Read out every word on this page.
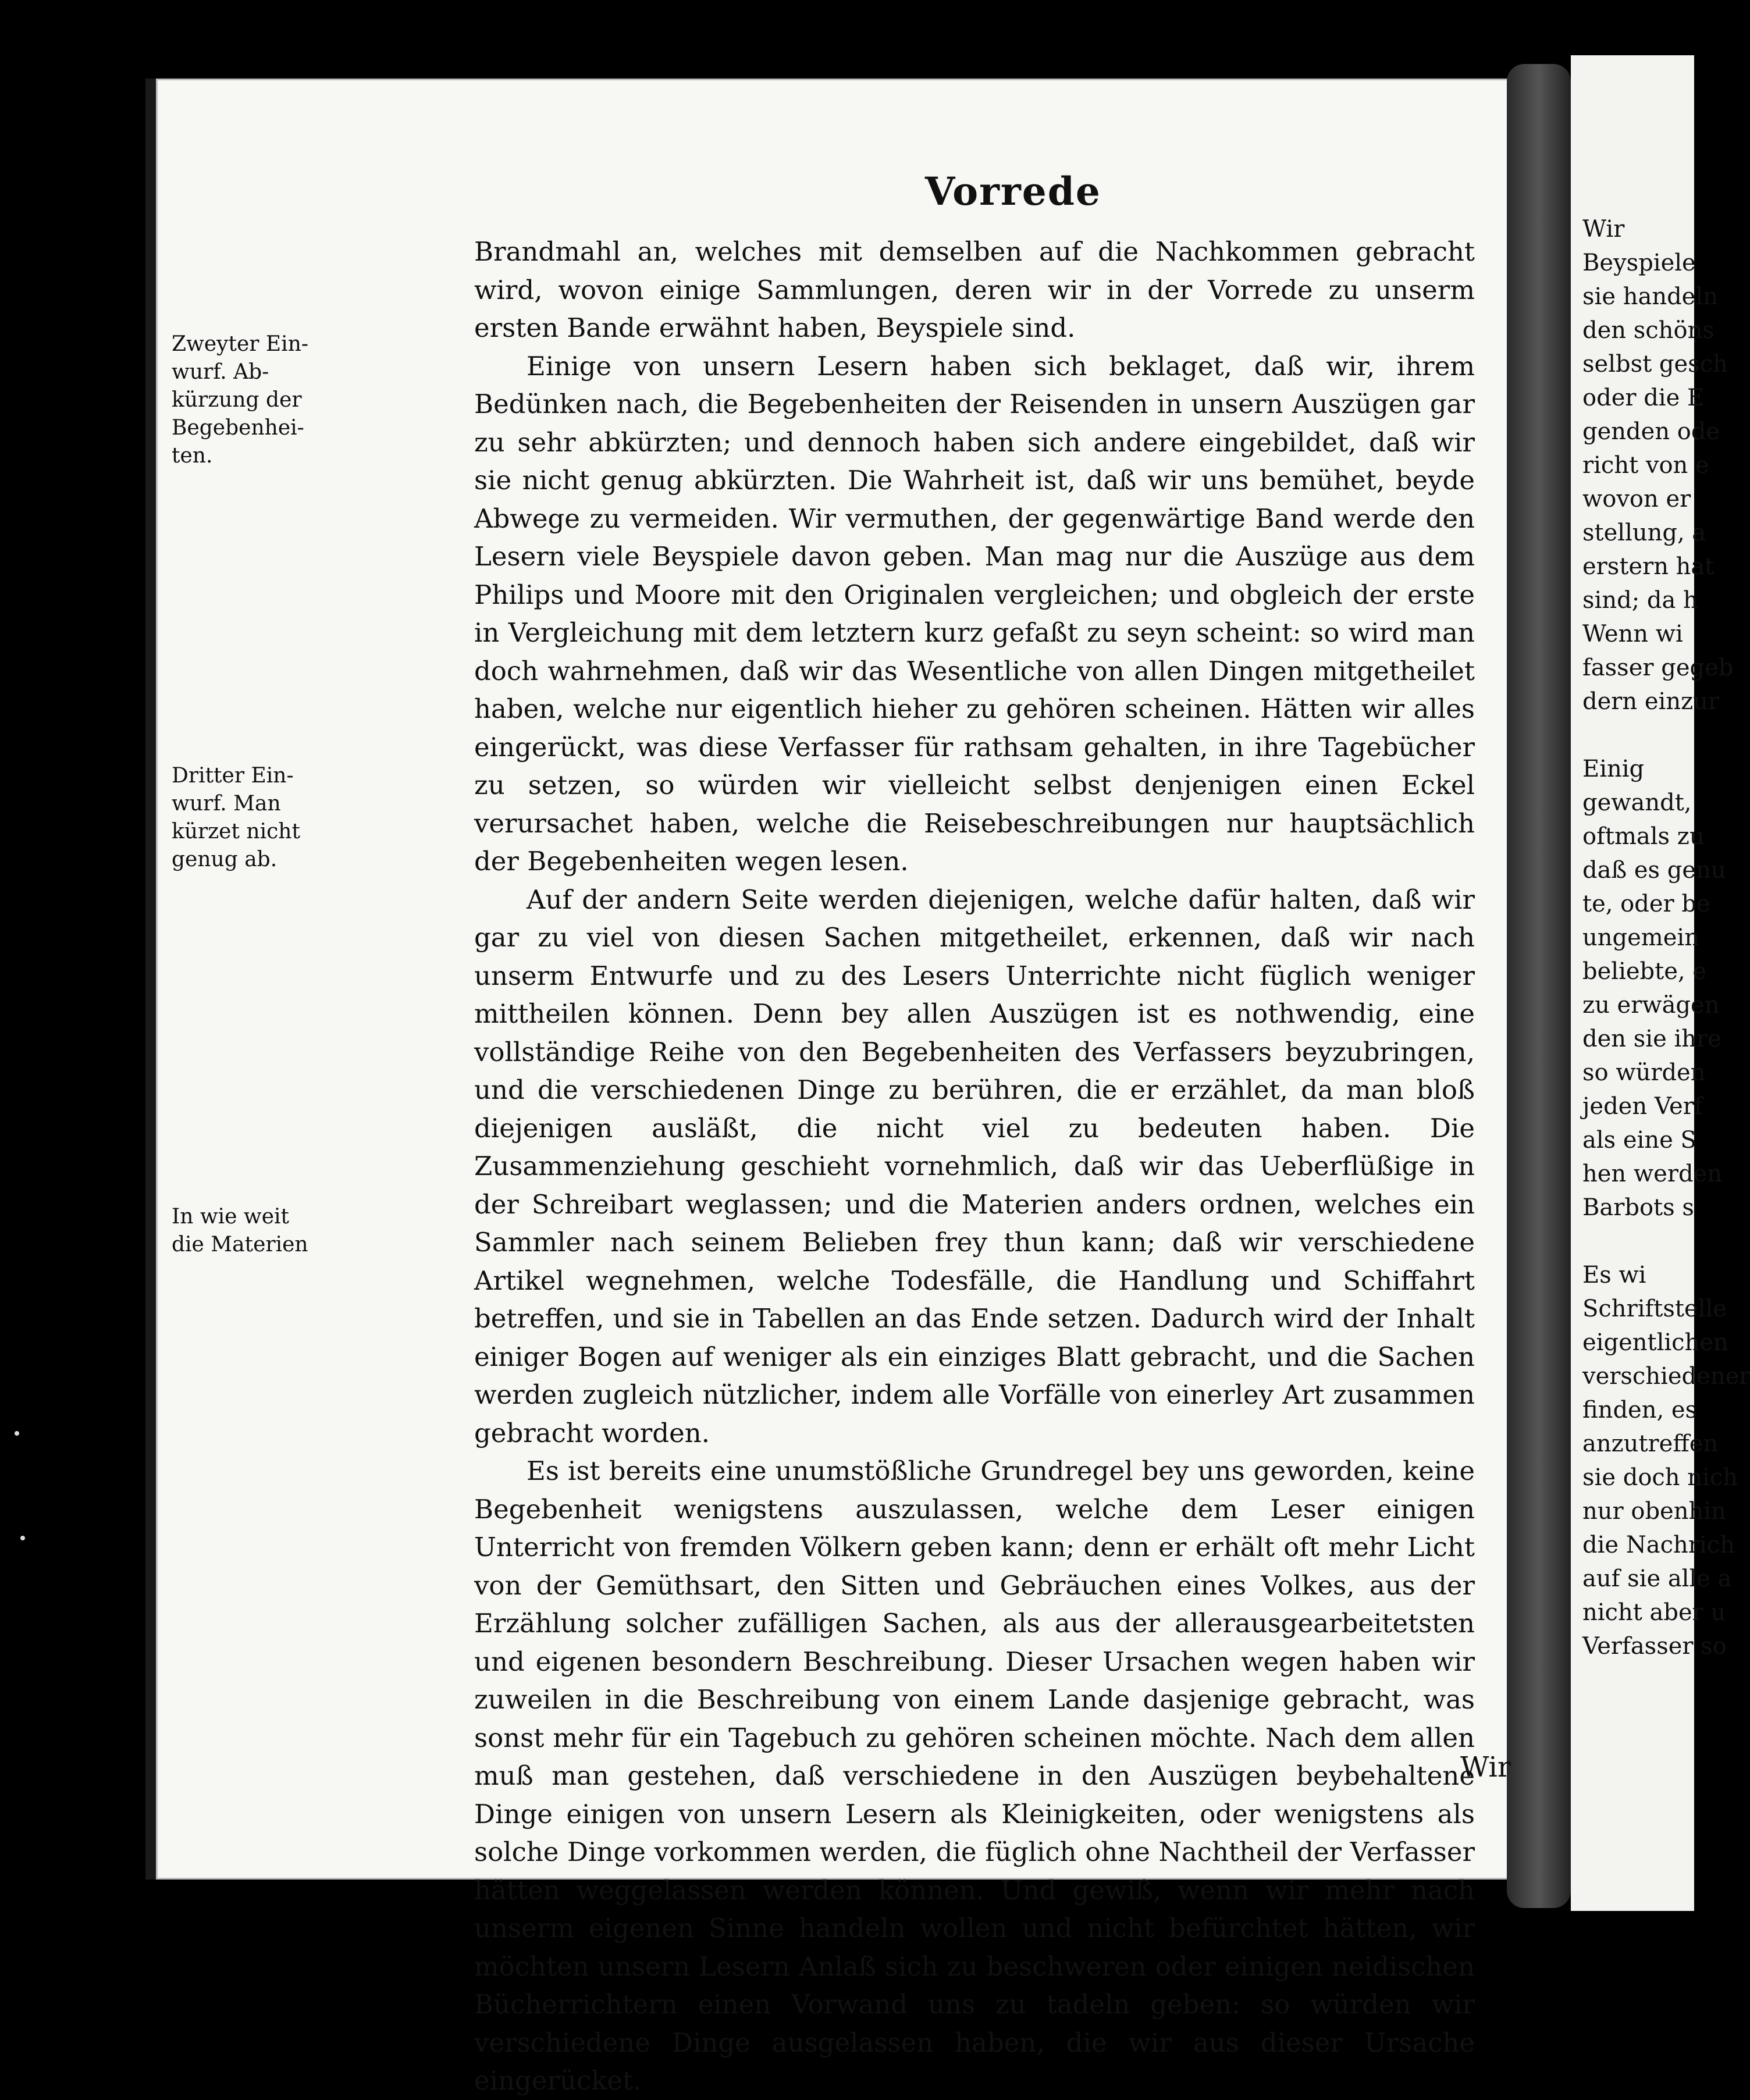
Wir
Beyspiele
sie handeln
den schöns
selbst gesch
oder die E
genden ode
richt von e
wovon er
stellung, a
erstern hat
sind; da h
Wenn wi
fasser gegeb
dern einzur

Einig
gewandt,
oftmals zu
daß es genu
te, oder be
ungemein
beliebte, e
zu erwägen
den sie ihre
so würden
jeden Verf
als eine S
hen werden
Barbots s

Es wi
Schriftstelle
eigentlichen
verschiedener
finden, es
anzutreffen
sie doch nich
nur obenhin
die Nachrich
auf sie alle a
nicht aber u
Verfasser so
Vorrede
Zweyter Ein-
wurf. Ab-
kürzung der
Begebenhei-
ten.
Dritter Ein-
wurf. Man
kürzet nicht
genug ab.
In wie weit
die Materien

Brandmahl an, welches mit demselben auf die Nachkommen gebracht wird, wovon einige Sammlungen, deren wir in der Vorrede zu unserm ersten Bande erwähnt haben, Beyspiele sind.

Einige von unsern Lesern haben sich beklaget, daß wir, ihrem Bedünken nach, die Begebenheiten der Reisenden in unsern Auszügen gar zu sehr abkürzten; und dennoch haben sich andere eingebildet, daß wir sie nicht genug abkürzten. Die Wahrheit ist, daß wir uns bemühet, beyde Abwege zu vermeiden. Wir vermuthen, der gegenwärtige Band werde den Lesern viele Beyspiele davon geben. Man mag nur die Auszüge aus dem Philips und Moore mit den Originalen vergleichen; und obgleich der erste in Vergleichung mit dem letztern kurz gefaßt zu seyn scheint: so wird man doch wahrnehmen, daß wir das Wesentliche von allen Dingen mitgetheilet haben, welche nur eigentlich hieher zu gehören scheinen. Hätten wir alles eingerückt, was diese Verfasser für rathsam gehalten, in ihre Tagebücher zu setzen, so würden wir vielleicht selbst denjenigen einen Eckel verursachet haben, welche die Reisebeschreibungen nur hauptsächlich der Begebenheiten wegen lesen.

Auf der andern Seite werden diejenigen, welche dafür halten, daß wir gar zu viel von diesen Sachen mitgetheilet, erkennen, daß wir nach unserm Entwurfe und zu des Lesers Unterrichte nicht füglich weniger mittheilen können. Denn bey allen Auszügen ist es nothwendig, eine vollständige Reihe von den Begebenheiten des Verfassers beyzubringen, und die verschiedenen Dinge zu berühren, die er erzählet, da man bloß diejenigen ausläßt, die nicht viel zu bedeuten haben. Die Zusammenziehung geschieht vornehmlich, daß wir das Ueberflüßige in der Schreibart weglassen; und die Materien anders ordnen, welches ein Sammler nach seinem Belieben frey thun kann; daß wir verschiedene Artikel wegnehmen, welche Todesfälle, die Handlung und Schiffahrt betreffen, und sie in Tabellen an das Ende setzen. Dadurch wird der Inhalt einiger Bogen auf weniger als ein einziges Blatt gebracht, und die Sachen werden zugleich nützlicher, indem alle Vorfälle von einerley Art zusammen gebracht worden.

Es ist bereits eine unumstößliche Grundregel bey uns geworden, keine Begebenheit wenigstens auszulassen, welche dem Leser einigen Unterricht von fremden Völkern geben kann; denn er erhält oft mehr Licht von der Gemüthsart, den Sitten und Gebräuchen eines Volkes, aus der Erzählung solcher zufälligen Sachen, als aus der allerausgearbeitetsten und eigenen besondern Beschreibung. Dieser Ursachen wegen haben wir zuweilen in die Beschreibung von einem Lande dasjenige gebracht, was sonst mehr für ein Tagebuch zu gehören scheinen möchte. Nach dem allen muß man gestehen, daß verschiedene in den Auszügen beybehaltene Dinge einigen von unsern Lesern als Kleinigkeiten, oder wenigstens als solche Dinge vorkommen werden, die füglich ohne Nachtheil der Verfasser hätten weggelassen werden können. Und gewiß, wenn wir mehr nach unserm eigenen Sinne handeln wollen und nicht befürchtet hätten, wir möchten unsern Lesern Anlaß sich zu beschweren oder einigen neidischen Bücherrichtern einen Vorwand uns zu tadeln geben: so würden wir verschiedene Dinge ausgelassen haben, die wir aus dieser Ursache eingerücket.

Wir
